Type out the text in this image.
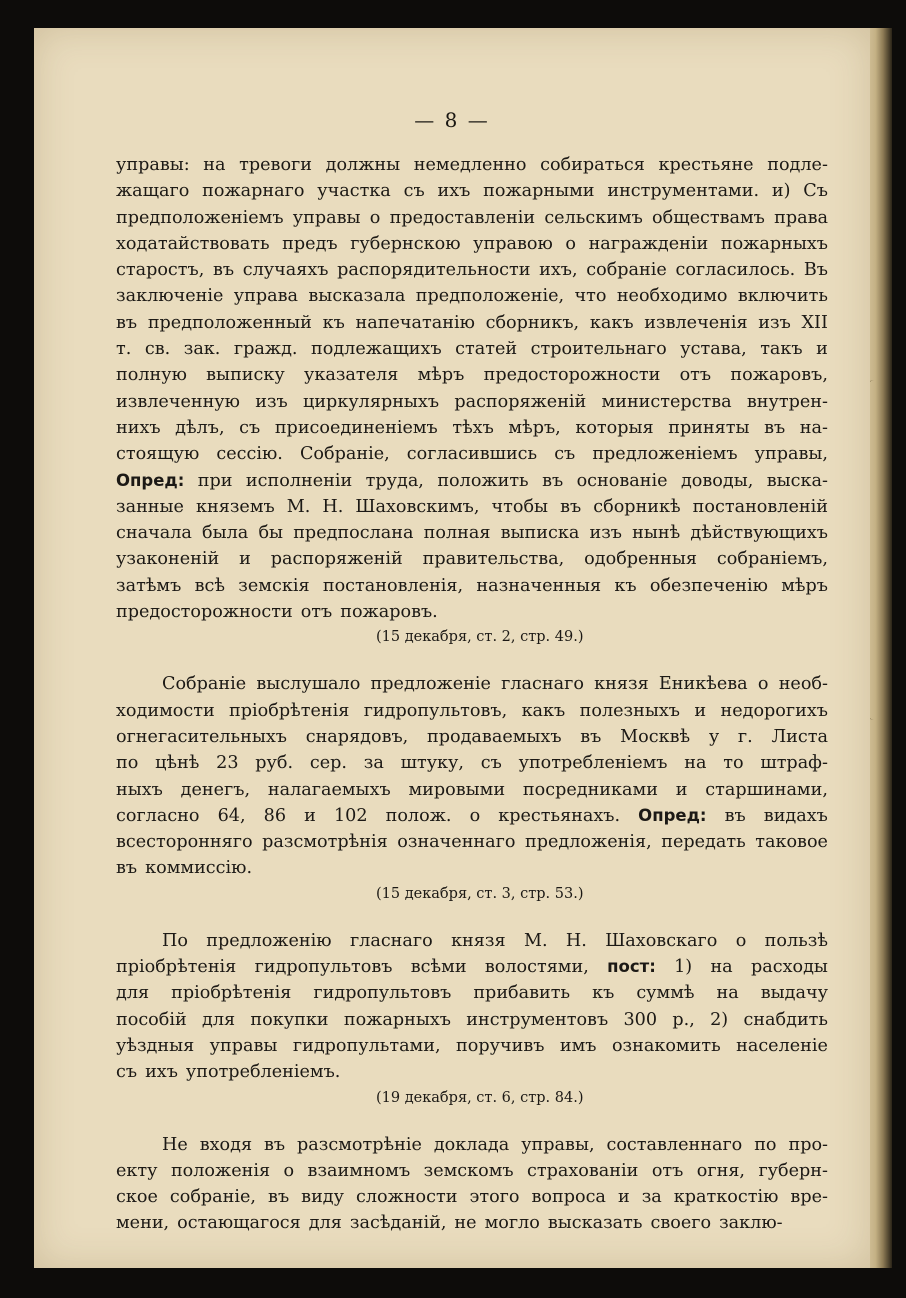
— 8 —
управы: на тревоги должны немедленно собираться крестьяне подле-
жащаго пожарнаго участка съ ихъ пожарными инструментами. и) Съ
предположенiемъ управы о предоставленiи сельскимъ обществамъ права
ходатайствовать предъ губернскою управою о награжденiи пожарныхъ
старостъ, въ случаяхъ распорядительности ихъ, собранiе согласилось. Въ
заключенiе управа высказала предположенiе, что необходимо включить
въ предположенный къ напечатанiю сборникъ, какъ извлеченiя изъ XII
т. св. зак. гражд. подлежащихъ статей строительнаго устава, такъ и
полную выписку указателя мѣръ предосторожности отъ пожаровъ,
извлеченную изъ циркулярныхъ распоряженiй министерства внутрен-
нихъ дѣлъ, съ присоединенiемъ тѣхъ мѣръ, которыя приняты въ на-
стоящую сессiю. Собранiе, согласившись съ предложенiемъ управы,
Опред: при исполненiи труда, положить въ основанiе доводы, выска-
занные княземъ М. Н. Шаховскимъ, чтобы въ сборникѣ постановленiй
сначала была бы предпослана полная выписка изъ нынѣ дѣйствующихъ
узаконенiй и распоряженiй правительства, одобренныя собранiемъ,
затѣмъ всѣ земскiя постановленiя, назначенныя къ обезпеченiю мѣръ
предосторожности отъ пожаровъ.
(15 декабря, ст. 2, стр. 49.)
Собранiе выслушало предложенiе гласнаго князя Еникѣева о необ-
ходимости прiобрѣтенiя гидропультовъ, какъ полезныхъ и недорогихъ
огнегасительныхъ снарядовъ, продаваемыхъ въ Москвѣ у г. Листа
по цѣнѣ 23 руб. сер. за штуку, съ употребленiемъ на то штраф-
ныхъ денегъ, налагаемыхъ мировыми посредниками и старшинами,
согласно 64, 86 и 102 полож. о крестьянахъ. Опред: въ видахъ
всесторонняго разсмотрѣнiя означеннаго предложенiя, передать таковое
въ коммиссiю.
(15 декабря, ст. 3, стр. 53.)
По предложенiю гласнаго князя М. Н. Шаховскаго о пользѣ
прiобрѣтенiя гидропультовъ всѣми волостями, пост: 1) на расходы
для прiобрѣтенiя гидропультовъ прибавить къ суммѣ на выдачу
пособiй для покупки пожарныхъ инструментовъ 300 р., 2) снабдить
уѣздныя управы гидропультами, поручивъ имъ ознакомить населенiе
съ ихъ употребленiемъ.
(19 декабря, ст. 6, стр. 84.)
Не входя въ разсмотрѣнiе доклада управы, составленнаго по про-
екту положенiя о взаимномъ земскомъ страхованiи отъ огня, губерн-
ское собранiе, въ виду сложности этого вопроса и за краткостiю вре-
мени, остающагося для засѣданiй, не могло высказать своего заклю-
